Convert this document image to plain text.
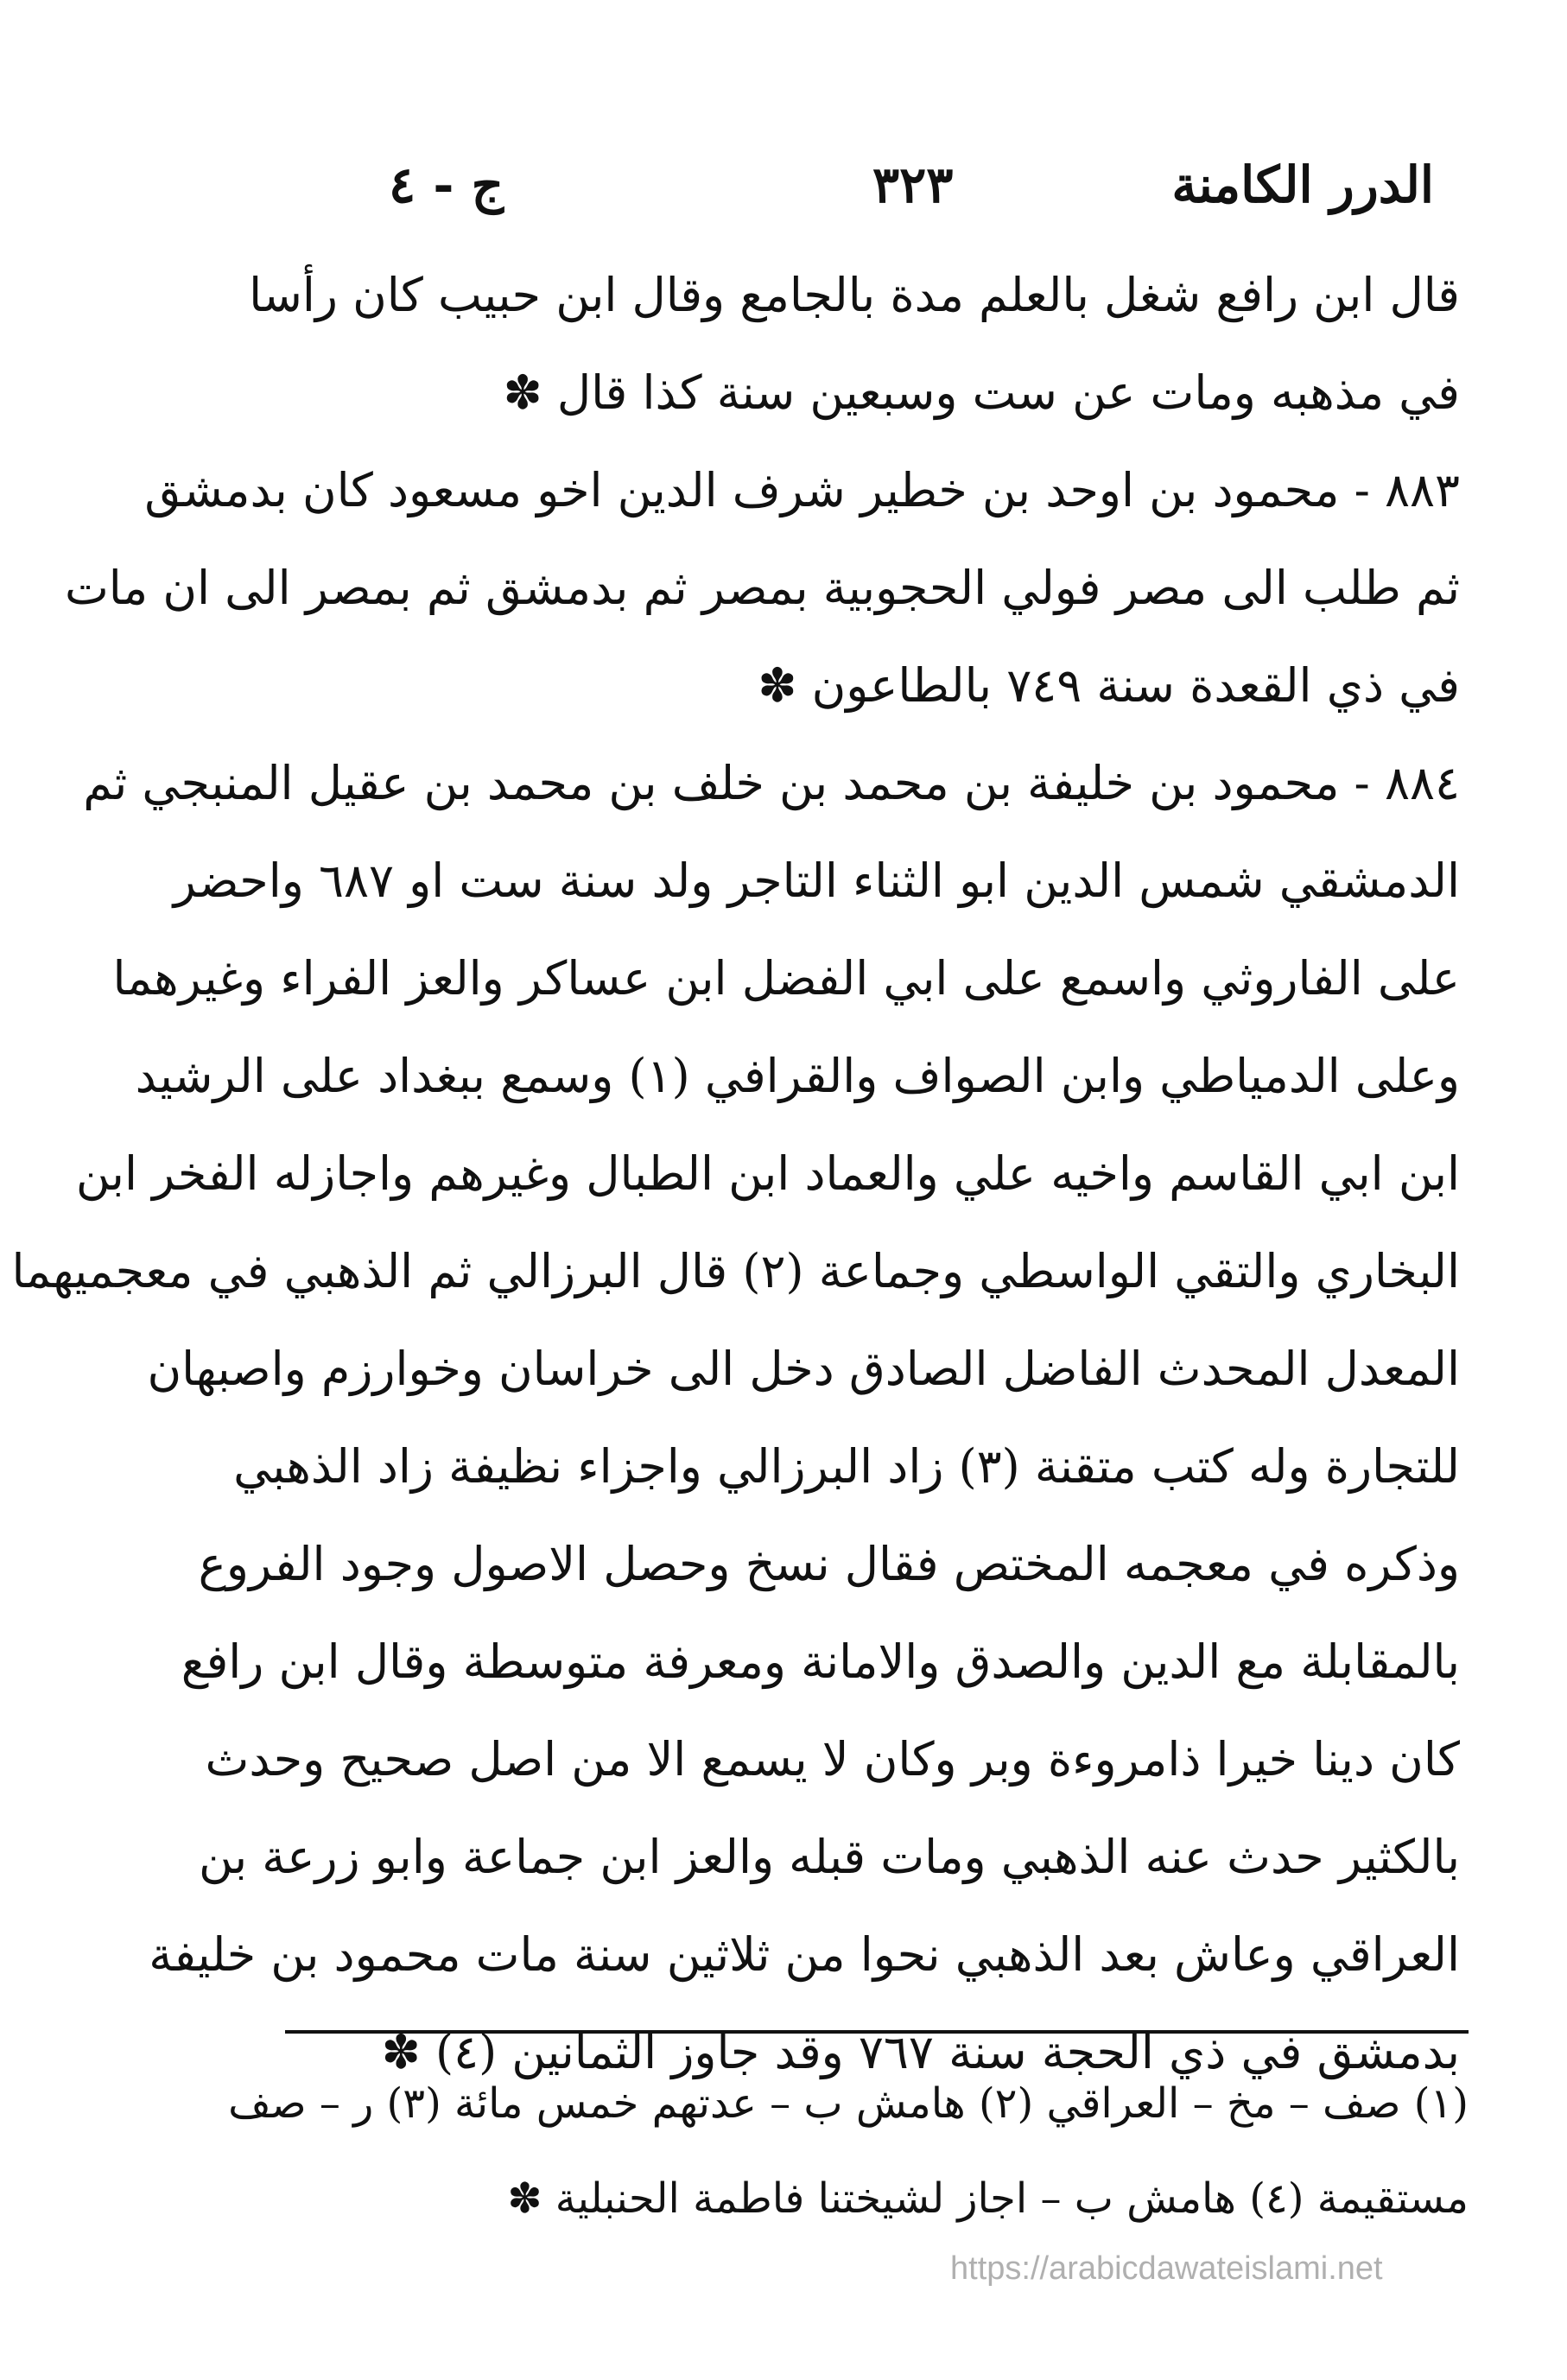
الدرر الكامنة
٣٢٣
ج - ٤
قال ابن رافع شغل بالعلم مدة بالجامع وقال ابن حبيب كان رأسا
في مذهبه ومات عن ست وسبعين سنة كذا قال ✽
٨٨٣ - محمود بن اوحد بن خطير شرف الدين اخو مسعود كان بدمشق
ثم طلب الى مصر فولي الحجوبية بمصر ثم بدمشق ثم بمصر الى ان مات
في ذي القعدة سنة ٧٤٩ بالطاعون ✽
٨٨٤ - محمود بن خليفة بن محمد بن خلف بن محمد بن عقيل المنبجي ثم
الدمشقي شمس الدين ابو الثناء التاجر ولد سنة ست او ٦٨٧ واحضر
على الفاروثي واسمع على ابي الفضل ابن عساكر والعز الفراء وغيرهما
وعلى الدمياطي وابن الصواف والقرافي (١) وسمع ببغداد على الرشيد
ابن ابي القاسم واخيه علي والعماد ابن الطبال وغيرهم واجازله الفخر ابن
البخاري والتقي الواسطي وجماعة (٢) قال البرزالي ثم الذهبي في معجميهما
المعدل المحدث الفاضل الصادق دخل الى خراسان وخوارزم واصبهان
للتجارة وله كتب متقنة (٣) زاد البرزالي واجزاء نظيفة زاد الذهبي
وذكره في معجمه المختص فقال نسخ وحصل الاصول وجود الفروع
بالمقابلة مع الدين والصدق والامانة ومعرفة متوسطة وقال ابن رافع
كان دينا خيرا ذامروءة وبر وكان لا يسمع الا من اصل صحيح وحدث
بالكثير حدث عنه الذهبي ومات قبله والعز ابن جماعة وابو زرعة بن
العراقي وعاش بعد الذهبي نحوا من ثلاثين سنة مات محمود بن خليفة
بدمشق في ذي الحجة سنة ٧٦٧ وقد جاوز الثمانين (٤) ✽
(١) صف – مخ – العراقي (٢) هامش ب – عدتهم خمس مائة (٣) ر – صف
مستقيمة (٤) هامش ب – اجاز لشيختنا فاطمة الحنبلية ✽
https://arabicdawateislami.net
